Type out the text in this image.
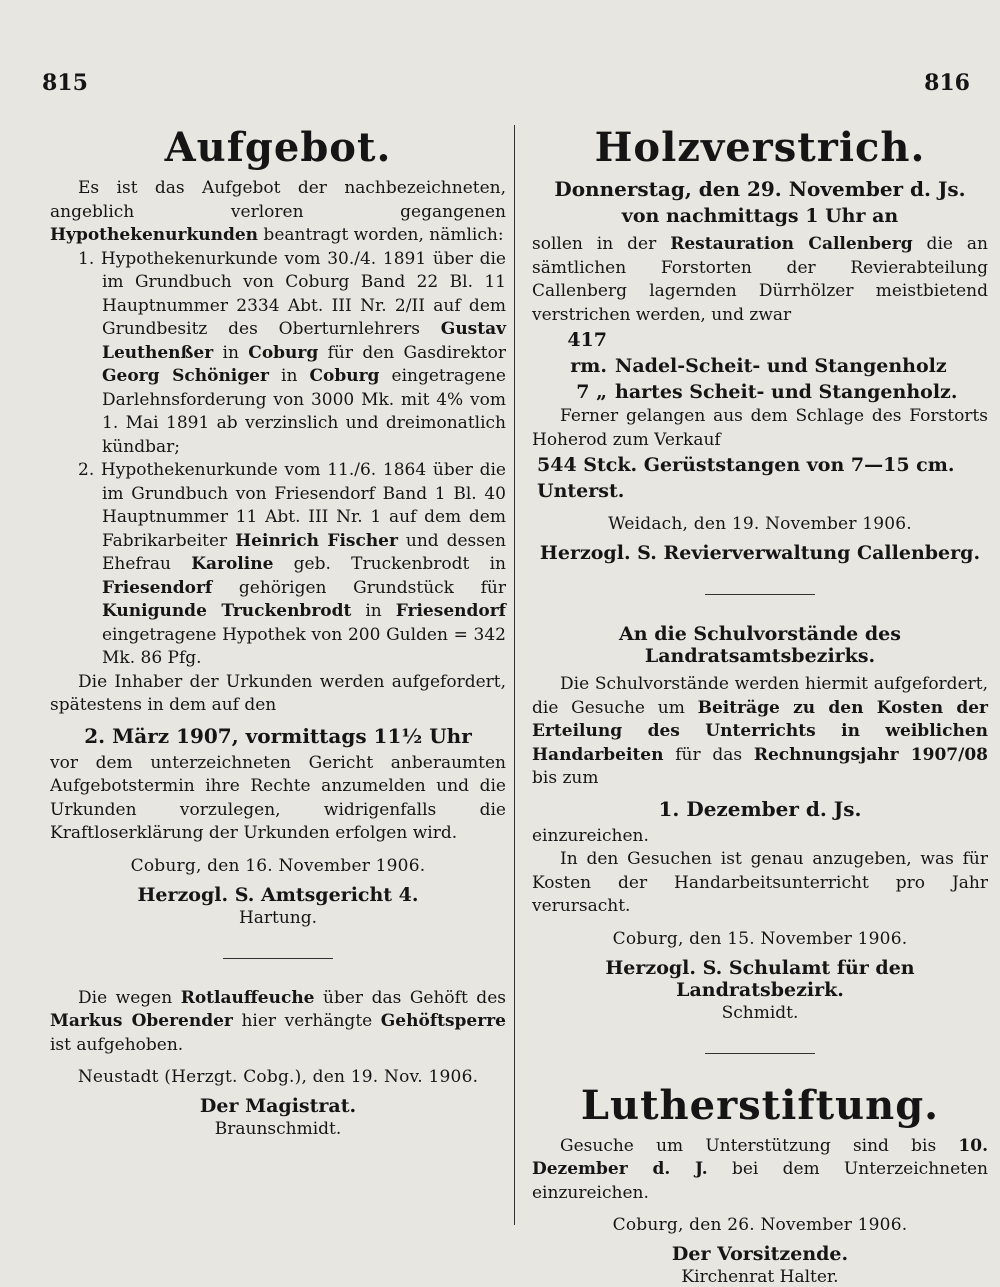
815	816
Aufgebot.

Es ist das Aufgebot der nachbezeichneten, angeblich verloren gegangenen Hypothekenurkunden beantragt worden, nämlich:

1. Hypothekenurkunde vom 30./4. 1891 über die im Grundbuch von Coburg Band 22 Bl. 11 Hauptnummer 2334 Abt. III Nr. 2/II auf dem Grundbesitz des Oberturnlehrers Gustav Leuthenßer in Coburg für den Gasdirektor Georg Schöniger in Coburg eingetragene Darlehnsforderung von 3000 Mk. mit 4% vom 1. Mai 1891 ab verzinslich und dreimonatlich kündbar;
2. Hypothekenurkunde vom 11./6. 1864 über die im Grundbuch von Friesendorf Band 1 Bl. 40 Hauptnummer 11 Abt. III Nr. 1 auf dem dem Fabrikarbeiter Heinrich Fischer und dessen Ehefrau Karoline geb. Truckenbrodt in Friesendorf gehörigen Grundstück für Kunigunde Truckenbrodt in Friesendorf eingetragene Hypothek von 200 Gulden = 342 Mk. 86 Pfg.

Die Inhaber der Urkunden werden aufgefordert, spätestens in dem auf den

2. März 1907, vormittags 11½ Uhr

vor dem unterzeichneten Gericht anberaumten Aufgebotstermin ihre Rechte anzumelden und die Urkunden vorzulegen, widrigenfalls die Kraftloserklärung der Urkunden erfolgen wird.

Coburg, den 16. November 1906.
Herzogl. S. Amtsgericht 4.
Hartung.

Die wegen Rotlauffeuche über das Gehöft des Markus Oberender hier verhängte Gehöftsperre ist aufgehoben.

Neustadt (Herzgt. Cobg.), den 19. Nov. 1906.
Der Magistrat.
Braunschmidt.
Holzverstrich.
Donnerstag, den 29. November d. Js.
von nachmittags 1 Uhr an

sollen in der Restauration Callenberg die an sämtlichen Forstorten der Revierabteilung Callenberg lagernden Dürrhölzer meistbietend verstrichen werden, und zwar

417 rm. Nadel-Scheit- und Stangenholz
7 „ hartes Scheit- und Stangenholz.

Ferner gelangen aus dem Schlage des Forstorts Hoherod zum Verkauf

544 Stck. Gerüststangen von 7—15 cm. Unterst.
Weidach, den 19. November 1906.
Herzogl. S. Revierverwaltung Callenberg.
An die Schulvorstände des Landratsamtsbezirks.

Die Schulvorstände werden hiermit aufgefordert, die Gesuche um Beiträge zu den Kosten der Erteilung des Unterrichts in weiblichen Handarbeiten für das Rechnungsjahr 1907/08 bis zum

1. Dezember d. Js.

einzureichen.

In den Gesuchen ist genau anzugeben, was für Kosten der Handarbeitsunterricht pro Jahr verursacht.

Coburg, den 15. November 1906.
Herzogl. S. Schulamt für den Landratsbezirk.
Schmidt.
Lutherstiftung.

Gesuche um Unterstützung sind bis 10. Dezember d. J. bei dem Unterzeichneten einzureichen.

Coburg, den 26. November 1906.
Der Vorsitzende.
Kirchenrat Halter.
